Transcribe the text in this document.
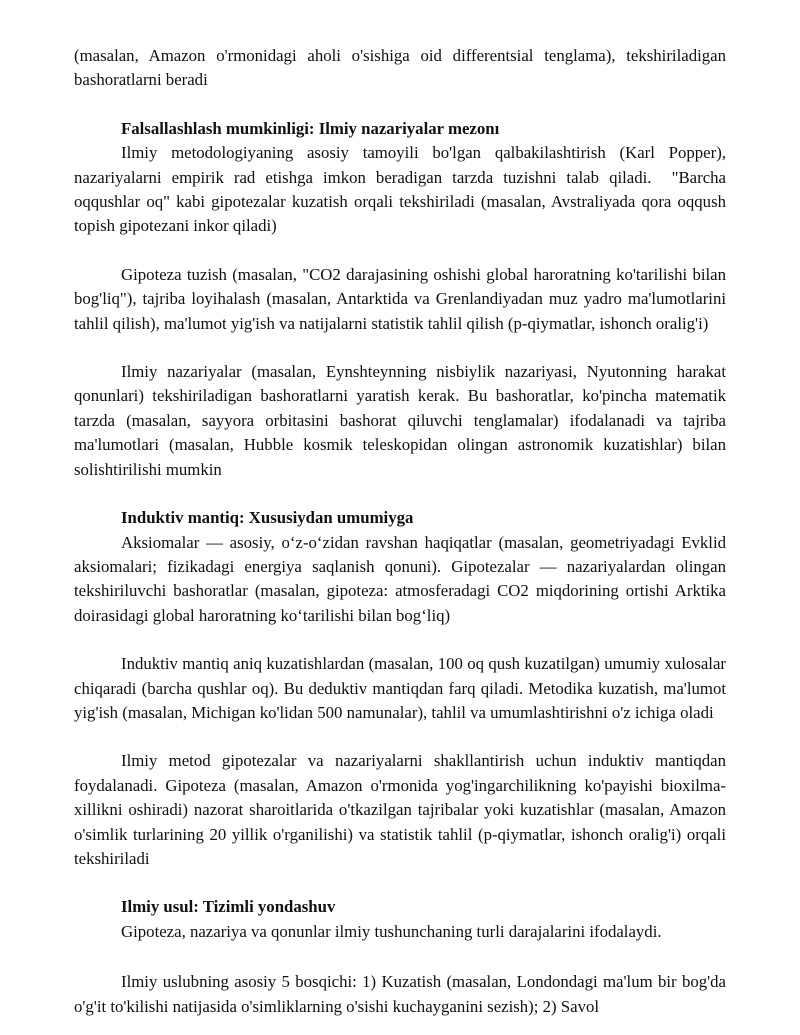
(masalan, Amazon o'rmonidagi aholi o'sishiga oid differentsial tenglama), tekshiriladigan bashoratlarni beradi

Falsallashlash mumkinligi: Ilmiy nazariyalar mezonı

Ilmiy metodologiyaning asosiy tamoyili bo'lgan qalbakilashtirish (Karl Popper), nazariyalarni empirik rad etishga imkon beradigan tarzda tuzishni talab qiladi.  "Barcha oqqushlar oq" kabi gipotezalar kuzatish orqali tekshiriladi (masalan, Avstraliyada qora oqqush topish gipotezani inkor qiladi)

Gipoteza tuzish (masalan, "CO2 darajasining oshishi global haroratning ko'tarilishi bilan bog'liq"), tajriba loyihalash (masalan, Antarktida va Grenlandiyadan muz yadro ma'lumotlarini tahlil qilish), ma'lumot yig'ish va natijalarni statistik tahlil qilish (p-qiymatlar, ishonch oralig'i)

Ilmiy nazariyalar (masalan, Eynshteynning nisbiylik nazariyasi, Nyutonning harakat qonunlari) tekshiriladigan bashoratlarni yaratish kerak. Bu bashoratlar, ko'pincha matematik tarzda (masalan, sayyora orbitasini bashorat qiluvchi tenglamalar) ifodalanadi va tajriba ma'lumotlari (masalan, Hubble kosmik teleskopidan olingan astronomik kuzatishlar) bilan solishtirilishi mumkin

Induktiv mantiq: Xususiydan umumiyga

Aksiomalar — asosiy, o‘z-o‘zidan ravshan haqiqatlar (masalan, geometriyadagi Evklid aksiomalari; fizikadagi energiya saqlanish qonuni). Gipotezalar — nazariyalardan olingan tekshiriluvchi bashoratlar (masalan, gipoteza: atmosferadagi CO2 miqdorining ortishi Arktika doirasidagi global haroratning ko‘tarilishi bilan bog‘liq)

Induktiv mantiq aniq kuzatishlardan (masalan, 100 oq qush kuzatilgan) umumiy xulosalar chiqaradi (barcha qushlar oq). Bu deduktiv mantiqdan farq qiladi. Metodika kuzatish, ma'lumot yig'ish (masalan, Michigan ko'lidan 500 namunalar), tahlil va umumlashtirishni o'z ichiga oladi

Ilmiy metod gipotezalar va nazariyalarni shakllantirish uchun induktiv mantiqdan foydalanadi. Gipoteza (masalan, Amazon o'rmonida yog'ingarchilikning ko'payishi bioxilma-xillikni oshiradi) nazorat sharoitlarida o'tkazilgan tajribalar yoki kuzatishlar (masalan, Amazon o'simlik turlarining 20 yillik o'rganilishi) va statistik tahlil (p-qiymatlar, ishonch oralig'i) orqali tekshiriladi

Ilmiy usul: Tizimli yondashuv

Gipoteza, nazariya va qonunlar ilmiy tushunchaning turli darajalarini ifodalaydi.

Ilmiy uslubning asosiy 5 bosqichi: 1) Kuzatish (masalan, Londondagi ma'lum bir bog'da o'g'it to'kilishi natijasida o'simliklarning o'sishi kuchayganini sezish); 2) Savol
